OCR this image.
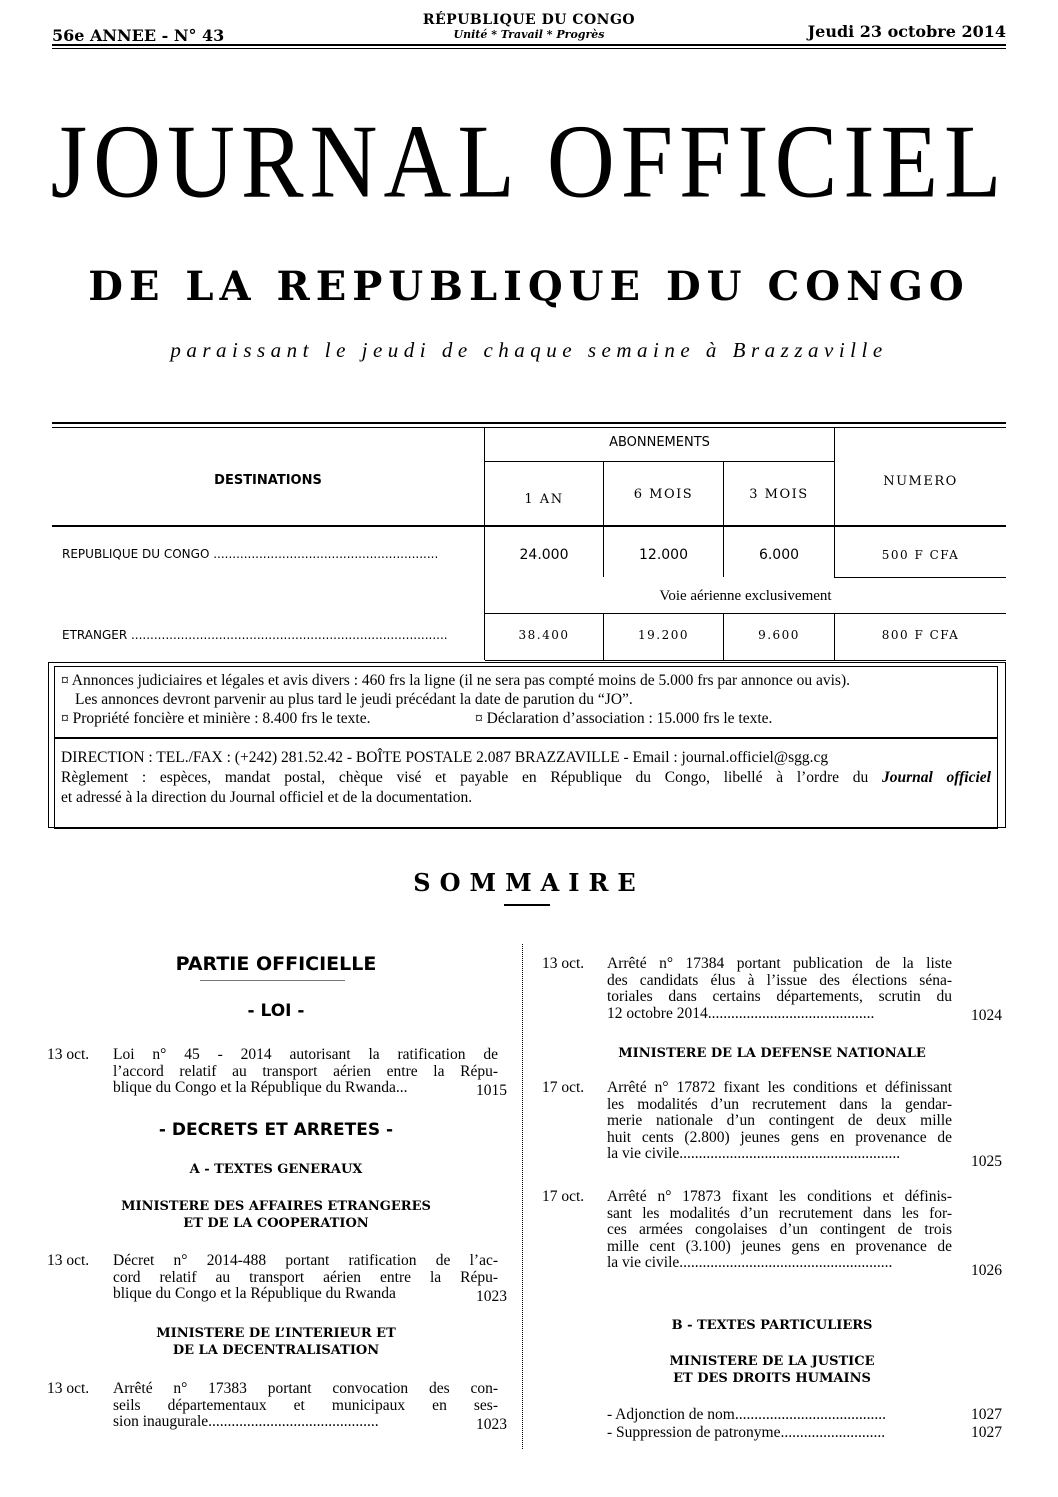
56e ANNEE - N° 43
RÉPUBLIQUE DU CONGO
Unité * Travail * Progrès	Jeudi 23 octobre 2014
JOURNAL OFFICIEL
DE LA REPUBLIQUE DU CONGO
paraissant le jeudi de chaque semaine à Brazzaville
DESTINATIONS
ABONNEMENTS
NUMERO
1 AN	6 MOIS	3 MOIS
REPUBLIQUE DU CONGO ...........................................................	24.000	12.000	6.000	500 F CFA
Voie aérienne exclusivement
ETRANGER ...................................................................................	38.400	19.200	9.600	800 F CFA
¤ Annonces judiciaires et légales et avis divers : 460 frs la ligne (il ne sera pas compté moins de 5.000 frs par annonce ou avis).
Les annonces devront parvenir au plus tard le jeudi précédant la date de parution du “JO”.
¤ Propriété foncière et minière : 8.400 frs le texte.	¤ Déclaration d’association : 15.000 frs le texte.
DIRECTION : TEL./FAX : (+242) 281.52.42 - BOÎTE POSTALE 2.087 BRAZZAVILLE - Email : journal.officiel@sgg.cg
Règlement : espèces, mandat postal, chèque visé et payable en République du Congo, libellé à l’ordre du Journal officiel
et adressé à la direction du Journal officiel et de la documentation.
SOMMAIRE
PARTIE OFFICIELLE
- LOI -
13 oct. Loi n° 45 - 2014 autorisant la ratification de
l’accord relatif au transport aérien entre la Répu-
blique du Congo et la République du Rwanda...	1015
- DECRETS ET ARRETES -
A - TEXTES GENERAUX
MINISTERE DES AFFAIRES ETRANGERES
ET DE LA COOPERATION
13 oct. Décret n° 2014-488 portant ratification de l’ac-
cord relatif au transport aérien entre la Répu-
blique du Congo et la République du Rwanda	1023
MINISTERE DE L’INTERIEUR ET
DE LA DECENTRALISATION
13 oct. Arrêté n° 17383 portant convocation des con-
seils départementaux et municipaux en ses-
sion inaugurale............................................	1023
13 oct. Arrêté n° 17384 portant publication de la liste
des candidats élus à l’issue des élections séna-
toriales dans certains départements, scrutin du
12 octobre 2014...........................................	1024
MINISTERE DE LA DEFENSE NATIONALE
17 oct. Arrêté n° 17872 fixant les conditions et définissant
les modalités d’un recrutement dans la gendar-
merie nationale d’un contingent de deux mille
huit cents (2.800) jeunes gens en provenance de
la vie civile.........................................................	1025
17 oct. Arrêté n° 17873 fixant les conditions et définis-
sant les modalités d’un recrutement dans les for-
ces armées congolaises d’un contingent de trois
mille cent (3.100) jeunes gens en provenance de
la vie civile.......................................................	1026
B - TEXTES PARTICULIERS
MINISTERE DE LA JUSTICE
ET DES DROITS HUMAINS
- Adjonction de nom.......................................	1027
- Suppression de patronyme...........................	1027
